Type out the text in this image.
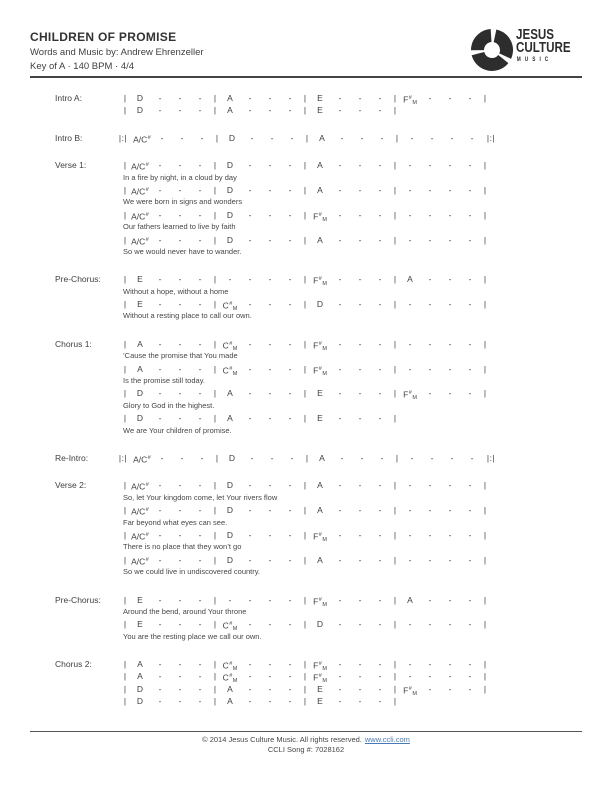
CHILDREN OF PROMISE
Words and Music by: Andrew Ehrenzeller
Key of A · 140 BPM · 4/4
JESUS
CULTURE
MUSIC
Intro A:	|	D	-	-	-	|	A	-	-	-	|	E	-	-	-	| $F^{\#}_M$	-	-	-	|
|	D	-	-	-	|	A	-	-	-	|	E	-	-	-	|
Intro B:	|:| A/C#	-	-	-	|	D	-	-	-	|	A	-	-	-	|	-	-	-	-	|:|
Verse 1:	| A/C#	-	-	-	|	D	-	-	-	|	A	-	-	-	|	-	-	-	-	|
In a fire by night, in a cloud by day
| A/C#	-	-	-	|	D	-	-	-	|	A	-	-	-	|	-	-	-	-	|
We were born in signs and wonders
| A/C#	-	-	-	|	D	-	-	-	| $F^{\#}_M$	-	-	-	|	-	-	-	-	|
Our fathers learned to live by faith
| A/C#	-	-	-	|	D	-	-	-	|	A	-	-	-	|	-	-	-	-	|
So we would never have to wander.
Pre-Chorus:	|	E	-	-	-	|	-	-	-	-	| $F^{\#}_M$	-	-	-	|	A	-	-	-	|
Without a hope, without a home
|	E	-	-	-	| $C^{\#}_M$	-	-	-	|	D	-	-	-	|	-	-	-	-	|
Without a resting place to call our own.
Chorus 1:	|	A	-	-	-	| $C^{\#}_M$	-	-	-	| $F^{\#}_M$	-	-	-	|	-	-	-	-	|
’Cause the promise that You made
|	A	-	-	-	| $C^{\#}_M$	-	-	-	| $F^{\#}_M$	-	-	-	|	-	-	-	-	|
Is the promise still today.
|	D	-	-	-	|	A	-	-	-	|	E	-	-	-	| $F^{\#}_M$	-	-	-	|
Glory to God in the highest.
|	D	-	-	-	|	A	-	-	-	|	E	-	-	-	|
We are Your children of promise.
Re-Intro:	|:| A/C#	-	-	-	|	D	-	-	-	|	A	-	-	-	|	-	-	-	-	|:|
Verse 2:	| A/C#	-	-	-	|	D	-	-	-	|	A	-	-	-	|	-	-	-	-	|
So, let Your kingdom come, let Your rivers flow
| A/C#	-	-	-	|	D	-	-	-	|	A	-	-	-	|	-	-	-	-	|
Far beyond what eyes can see.
| A/C#	-	-	-	|	D	-	-	-	| $F^{\#}_M$	-	-	-	|	-	-	-	-	|
There is no place that they won’t go
| A/C#	-	-	-	|	D	-	-	-	|	A	-	-	-	|	-	-	-	-	|
So we could live in undiscovered country.
Pre-Chorus:	|	E	-	-	-	|	-	-	-	-	| $F^{\#}_M$	-	-	-	|	A	-	-	-	|
Around the bend, around Your throne
|	E	-	-	-	| $C^{\#}_M$	-	-	-	|	D	-	-	-	|	-	-	-	-	|
You are the resting place we call our own.
Chorus 2:	|	A	-	-	-	| $C^{\#}_M$	-	-	-	| $F^{\#}_M$	-	-	-	|	-	-	-	-	|
|	A	-	-	-	| $C^{\#}_M$	-	-	-	| $F^{\#}_M$	-	-	-	|	-	-	-	-	|
|	D	-	-	-	|	A	-	-	-	|	E	-	-	-	| $F^{\#}_M$	-	-	-	|
|	D	-	-	-	|	A	-	-	-	|	E	-	-	-	|
© 2014 Jesus Culture Music. All rights reserved. www.ccli.com
CCLI Song #: 7028162
